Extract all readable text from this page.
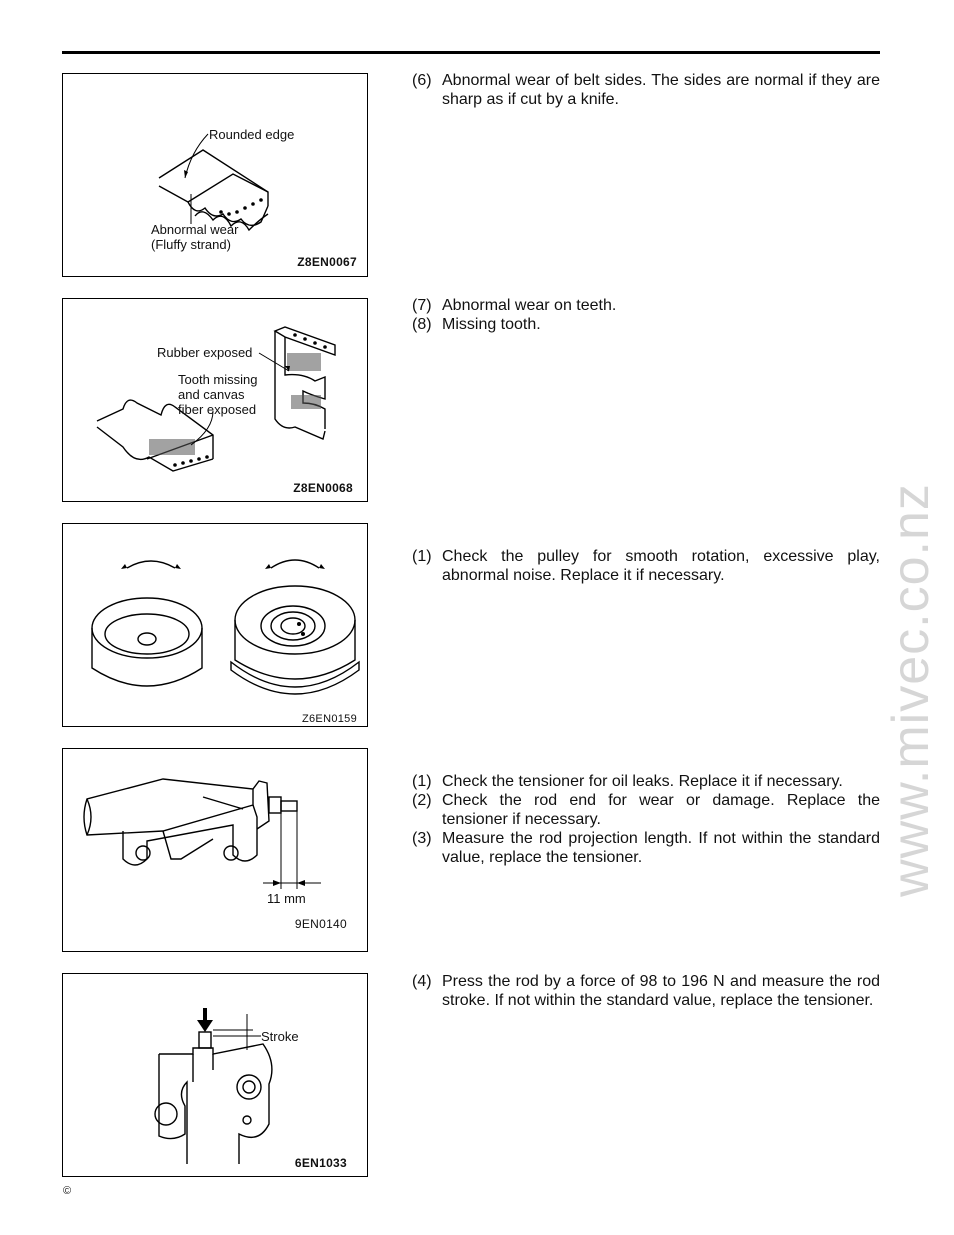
Rounded edge
Abnormal wear
(Fluffy strand)
Z8EN0067
Rubber exposed
Tooth missing
and canvas
fiber exposed
Z8EN0068
Z6EN0159
11 mm
9EN0140
Stroke
6EN1033
(6) Abnormal wear of belt sides. The sides are normal if they are sharp as if cut by a knife.
(7) Abnormal wear on teeth.
(8) Missing tooth.
(1) Check the pulley for smooth rotation, excessive play, abnormal noise. Replace it if necessary.
(1) Check the tensioner for oil leaks. Replace it if necessary.
(2) Check the rod end for wear or damage. Replace the tensioner if necessary.
(3) Measure the rod projection length. If not within the standard value, replace the tensioner.
(4) Press the rod by a force of 98 to 196 N and measure the rod stroke. If not within the standard value, replace the tensioner.
www.mivec.co.nz
©
